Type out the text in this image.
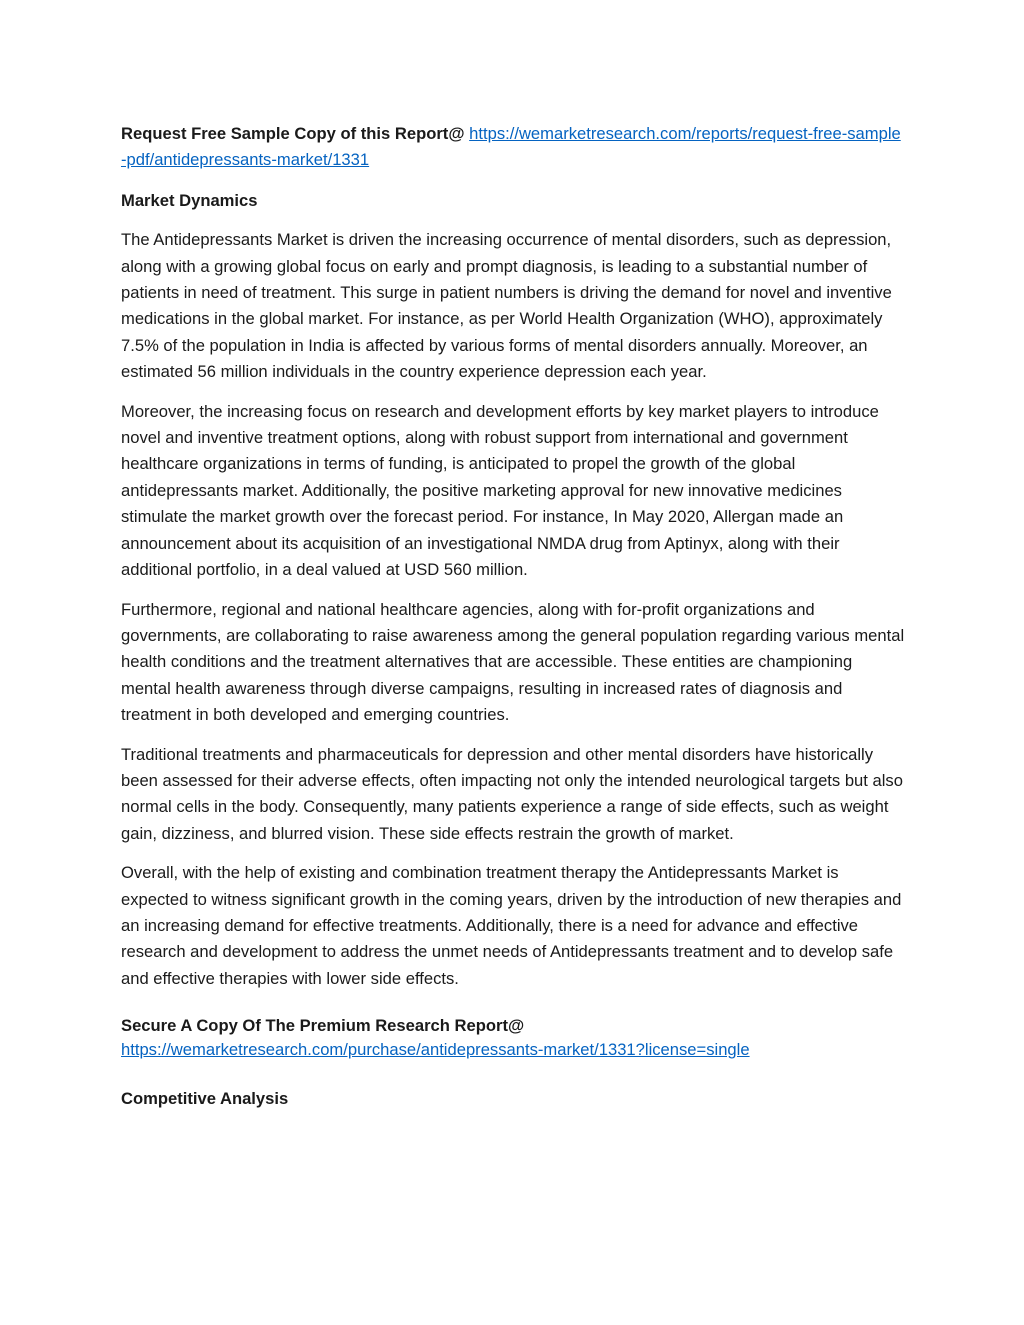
Request Free Sample Copy of this Report@ https://wemarketresearch.com/reports/request-free-sample-pdf/antidepressants-market/1331

Market Dynamics

The Antidepressants Market is driven the increasing occurrence of mental disorders, such as depression, along with a growing global focus on early and prompt diagnosis, is leading to a substantial number of patients in need of treatment. This surge in patient numbers is driving the demand for novel and inventive medications in the global market. For instance, as per World Health Organization (WHO), approximately 7.5% of the population in India is affected by various forms of mental disorders annually. Moreover, an estimated 56 million individuals in the country experience depression each year.

Moreover, the increasing focus on research and development efforts by key market players to introduce novel and inventive treatment options, along with robust support from international and government healthcare organizations in terms of funding, is anticipated to propel the growth of the global antidepressants market. Additionally, the positive marketing approval for new innovative medicines stimulate the market growth over the forecast period. For instance, In May 2020, Allergan made an announcement about its acquisition of an investigational NMDA drug from Aptinyx, along with their additional portfolio, in a deal valued at USD 560 million.

Furthermore, regional and national healthcare agencies, along with for-profit organizations and governments, are collaborating to raise awareness among the general population regarding various mental health conditions and the treatment alternatives that are accessible. These entities are championing mental health awareness through diverse campaigns, resulting in increased rates of diagnosis and treatment in both developed and emerging countries.

Traditional treatments and pharmaceuticals for depression and other mental disorders have historically been assessed for their adverse effects, often impacting not only the intended neurological targets but also normal cells in the body. Consequently, many patients experience a range of side effects, such as weight gain, dizziness, and blurred vision. These side effects restrain the growth of market.

Overall, with the help of existing and combination treatment therapy the Antidepressants Market is expected to witness significant growth in the coming years, driven by the introduction of new therapies and an increasing demand for effective treatments. Additionally, there is a need for advance and effective research and development to address the unmet needs of Antidepressants treatment and to develop safe and effective therapies with lower side effects.

Secure A Copy Of The Premium Research Report@
https://wemarketresearch.com/purchase/antidepressants-market/1331?license=single

Competitive Analysis
